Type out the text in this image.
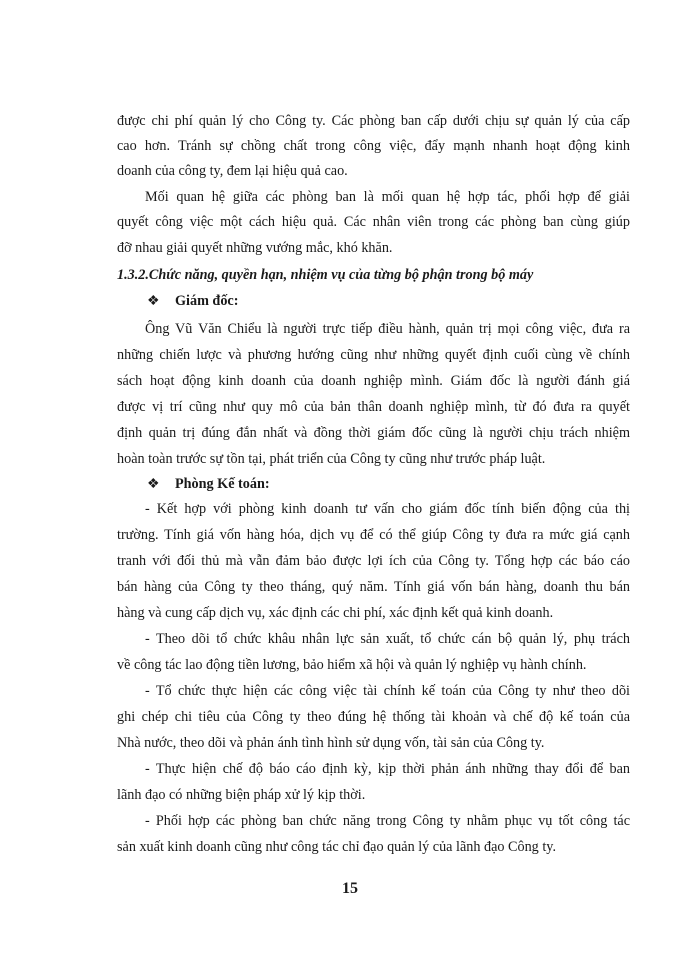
được chi phí quản lý cho Công ty. Các phòng ban cấp dưới chịu sự quản lý của cấp
cao hơn. Tránh sự chồng chất trong công việc, đẩy mạnh nhanh hoạt động kinh
doanh của công ty, đem lại hiệu quả cao.
Mối quan hệ giữa các phòng ban là mối quan hệ hợp tác, phối hợp để giải
quyết công việc một cách hiệu quả. Các nhân viên trong các phòng ban cùng giúp
đỡ nhau giải quyết những vướng mắc, khó khăn.
1.3.2.Chức năng, quyền hạn, nhiệm vụ của từng bộ phận trong bộ máy
❖ Giám đốc:
Ông Vũ Văn Chiểu là người trực tiếp điều hành, quản trị mọi công việc, đưa ra
những chiến lược và phương hướng cũng như những quyết định cuối cùng về chính
sách hoạt động kinh doanh của doanh nghiệp mình. Giám đốc là người đánh giá
được vị trí cũng như quy mô của bản thân doanh nghiệp mình, từ đó đưa ra quyết
định quản trị đúng đắn nhất và đồng thời giám đốc cũng là người chịu trách nhiệm
hoàn toàn trước sự tồn tại, phát triển của Công ty cũng như trước pháp luật.
❖ Phòng Kế toán:
- Kết hợp với phòng kinh doanh tư vấn cho giám đốc tính biến động của thị
trường. Tính giá vốn hàng hóa, dịch vụ để có thể giúp Công ty đưa ra mức giá cạnh
tranh với đối thủ mà vẫn đảm bảo được lợi ích của Công ty. Tổng hợp các báo cáo
bán hàng của Công ty theo tháng, quý năm. Tính giá vốn bán hàng, doanh thu bán
hàng và cung cấp dịch vụ, xác định các chi phí, xác định kết quả kinh doanh.
- Theo dõi tổ chức khâu nhân lực sản xuất, tổ chức cán bộ quản lý, phụ trách
về công tác lao động tiền lương, bảo hiểm xã hội và quản lý nghiệp vụ hành chính.
- Tổ chức thực hiện các công việc tài chính kế toán của Công ty như theo dõi
ghi chép chi tiêu của Công ty theo đúng hệ thống tài khoản và chế độ kế toán của
Nhà nước, theo dõi và phản ánh tình hình sử dụng vốn, tài sản của Công ty.
- Thực hiện chế độ báo cáo định kỳ, kịp thời phản ánh những thay đổi để ban
lãnh đạo có những biện pháp xử lý kịp thời.
- Phối hợp các phòng ban chức năng trong Công ty nhằm phục vụ tốt công tác
sản xuất kinh doanh cũng như công tác chỉ đạo quản lý của lãnh đạo Công ty.
15
